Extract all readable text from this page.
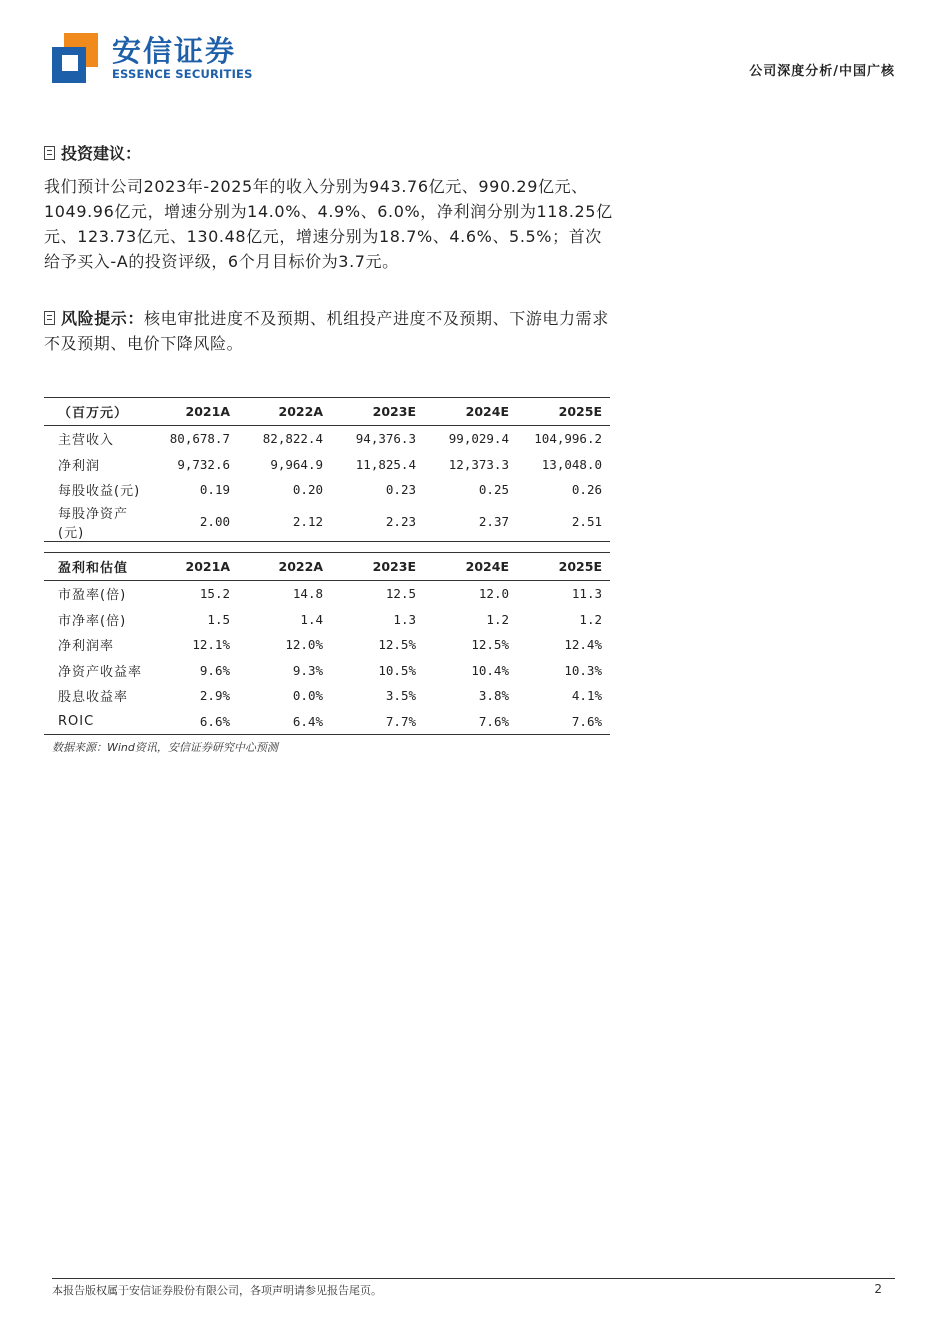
安信证券
ESSENCE SECURITIES	公司深度分析/中国广核
投资建议：
我们预计公司2023年-2025年的收入分别为943.76亿元、990.29亿元、1049.96亿元，增速分别为14.0%、4.9%、6.0%，净利润分别为118.25亿元、123.73亿元、130.48亿元，增速分别为18.7%、4.6%、5.5%；首次给予买入-A的投资评级，6个月目标价为3.7元。
风险提示：核电审批进度不及预期、机组投产进度不及预期、下游电力需求不及预期、电价下降风险。
（百万元）	2021A	2022A	2023E	2024E	2025E
主营收入	80,678.7	82,822.4	94,376.3	99,029.4	104,996.2
净利润	9,732.6	9,964.9	11,825.4	12,373.3	13,048.0
每股收益(元)	0.19	0.20	0.23	0.25	0.26
每股净资产(元)	2.00	2.12	2.23	2.37	2.51
盈利和估值	2021A	2022A	2023E	2024E	2025E
市盈率(倍)	15.2	14.8	12.5	12.0	11.3
市净率(倍)	1.5	1.4	1.3	1.2	1.2
净利润率	12.1%	12.0%	12.5%	12.5%	12.4%
净资产收益率	9.6%	9.3%	10.5%	10.4%	10.3%
股息收益率	2.9%	0.0%	3.5%	3.8%	4.1%
ROIC	6.6%	6.4%	7.7%	7.6%	7.6%
数据来源：Wind资讯，安信证券研究中心预测
本报告版权属于安信证券股份有限公司，各项声明请参见报告尾页。	2
